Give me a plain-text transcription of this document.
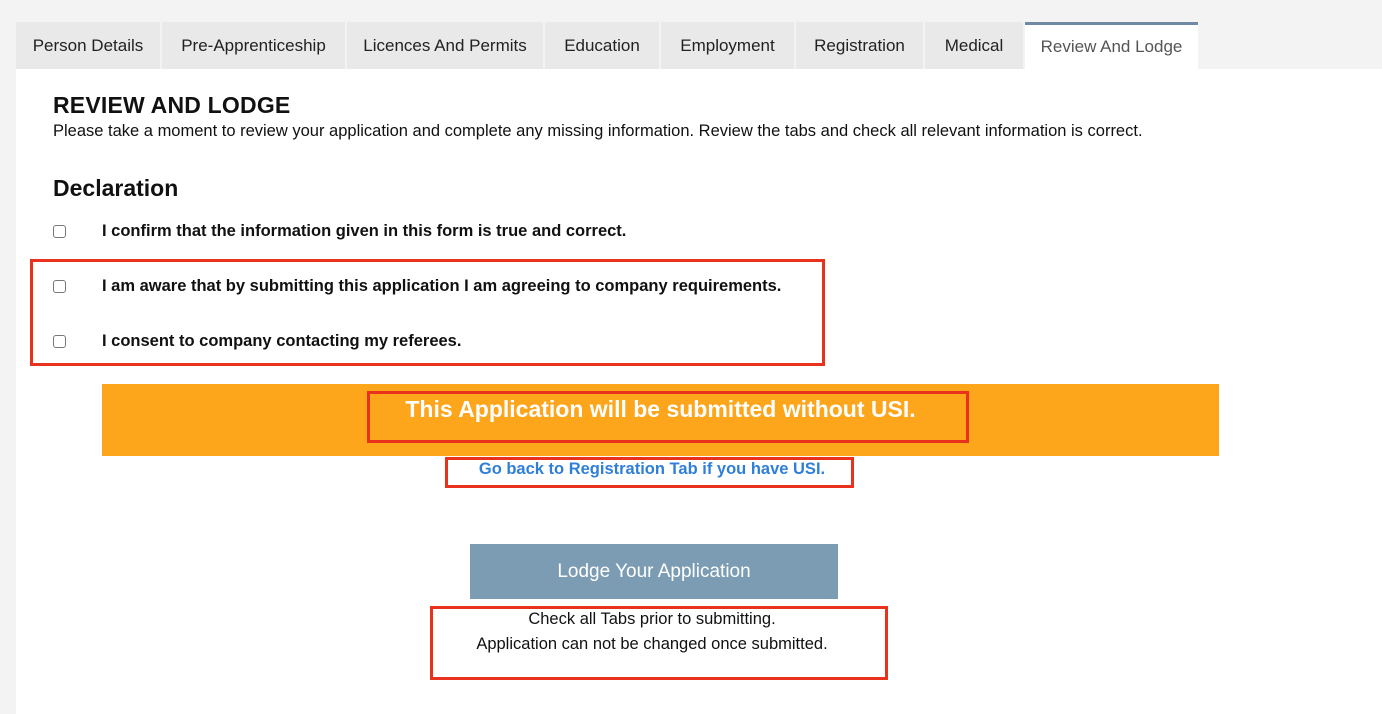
Person Details	Pre-Apprenticeship	Licences And Permits	Education	Employment	Registration	Medical	Review And Lodge
REVIEW AND LODGE
Please take a moment to review your application and complete any missing information. Review the tabs and check all relevant information is correct.
Declaration
I confirm that the information given in this form is true and correct.
I am aware that by submitting this application I am agreeing to company requirements.
I consent to company contacting my referees.
This Application will be submitted without USI.
Go back to Registration Tab if you have USI.
Lodge Your Application
Check all Tabs prior to submitting.
Application can not be changed once submitted.
